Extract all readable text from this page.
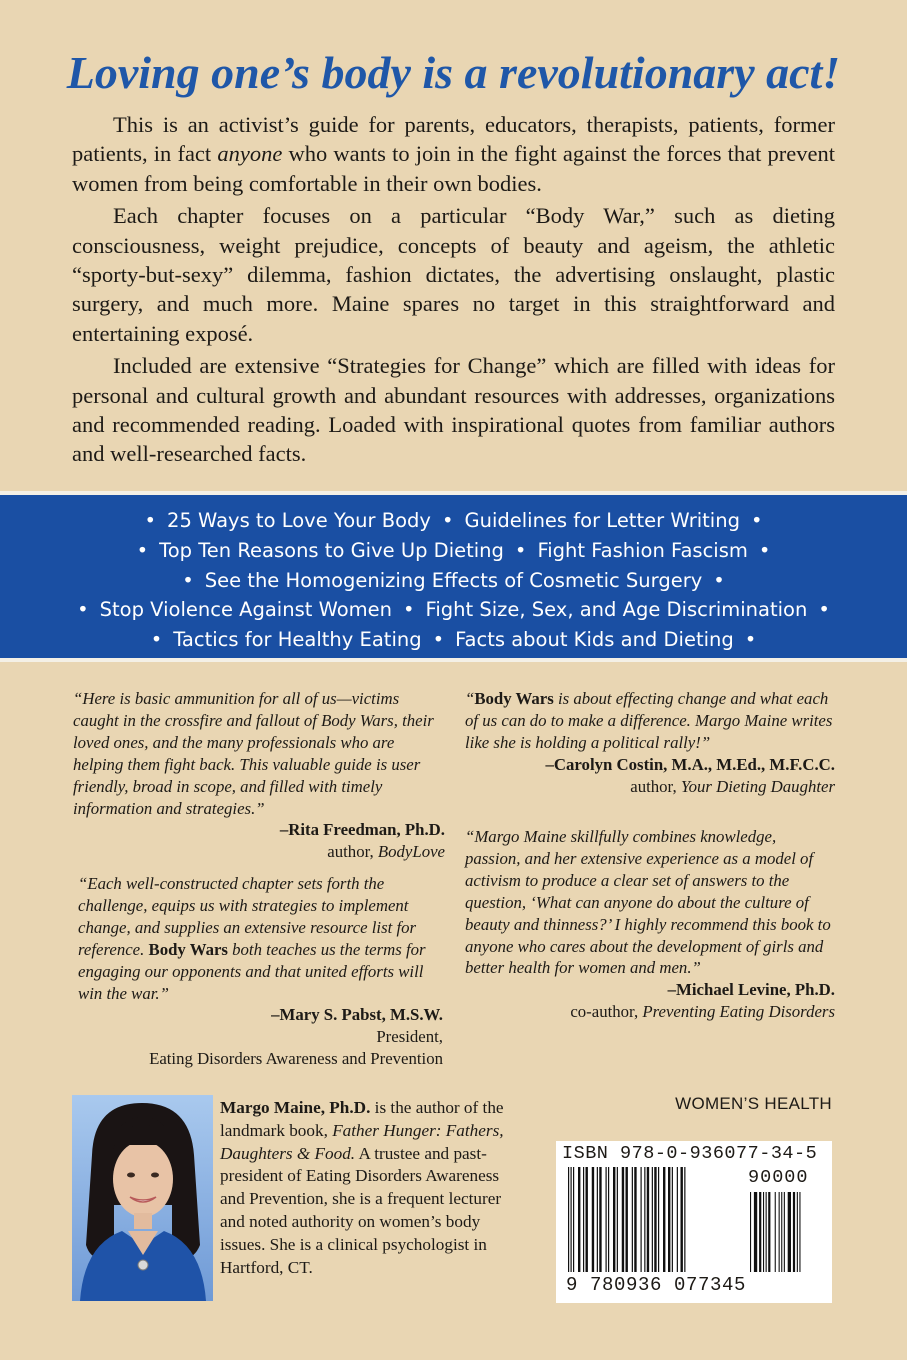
Loving one’s body is a revolutionary act!

This is an activist’s guide for parents, educators, therapists, patients, former patients, in fact anyone who wants to join in the fight against the forces that prevent women from being comfortable in their own bodies.

Each chapter focuses on a particular “Body War,” such as dieting consciousness, weight prejudice, concepts of beauty and ageism, the athletic “sporty-but-sexy” dilemma, fashion dictates, the advertising onslaught, plastic surgery, and much more. Maine spares no target in this straightforward and entertaining exposé.

Included are extensive “Strategies for Change” which are filled with ideas for personal and cultural growth and abundant resources with addresses, organizations and recommended reading. Loaded with inspirational quotes from familiar authors and well-researched facts.

• 25 Ways to Love Your Body • Guidelines for Letter Writing •
• Top Ten Reasons to Give Up Dieting • Fight Fashion Fascism •
• See the Homogenizing Effects of Cosmetic Surgery •
• Stop Violence Against Women • Fight Size, Sex, and Age Discrimination •
• Tactics for Healthy Eating • Facts about Kids and Dieting •

“Here is basic ammunition for all of us—victims caught in the crossfire and fallout of Body Wars, their loved ones, and the many professionals who are helping them fight back. This valuable guide is user friendly, broad in scope, and filled with timely information and strategies.”

–Rita Freedman, Ph.D.
author, BodyLove

“Each well-constructed chapter sets forth the challenge, equips us with strategies to implement change, and supplies an extensive resource list for reference. Body Wars both teaches us the terms for engaging our opponents and that united efforts will win the war.”

–Mary S. Pabst, M.S.W.
President,
Eating Disorders Awareness and Prevention

“Body Wars is about effecting change and what each of us can do to make a difference. Margo Maine writes like she is holding a political rally!”

–Carolyn Costin, M.A., M.Ed., M.F.C.C.
author, Your Dieting Daughter

“Margo Maine skillfully combines knowledge, passion, and her extensive experience as a model of activism to produce a clear set of answers to the question, ‘What can anyone do about the culture of beauty and thinness?’ I highly recommend this book to anyone who cares about the development of girls and better health for women and men.”

–Michael Levine, Ph.D.
co-author, Preventing Eating Disorders
Margo Maine, Ph.D. is the author of the landmark book, Father Hunger: Fathers, Daughters & Food. A trustee and past-president of Eating Disorders Awareness and Prevention, she is a frequent lecturer and noted authority on women’s body issues. She is a clinical psychologist in Hartford, CT.
WOMEN’S HEALTH
ISBN 978-0-936077-34-5
90000
9 780936 077345
